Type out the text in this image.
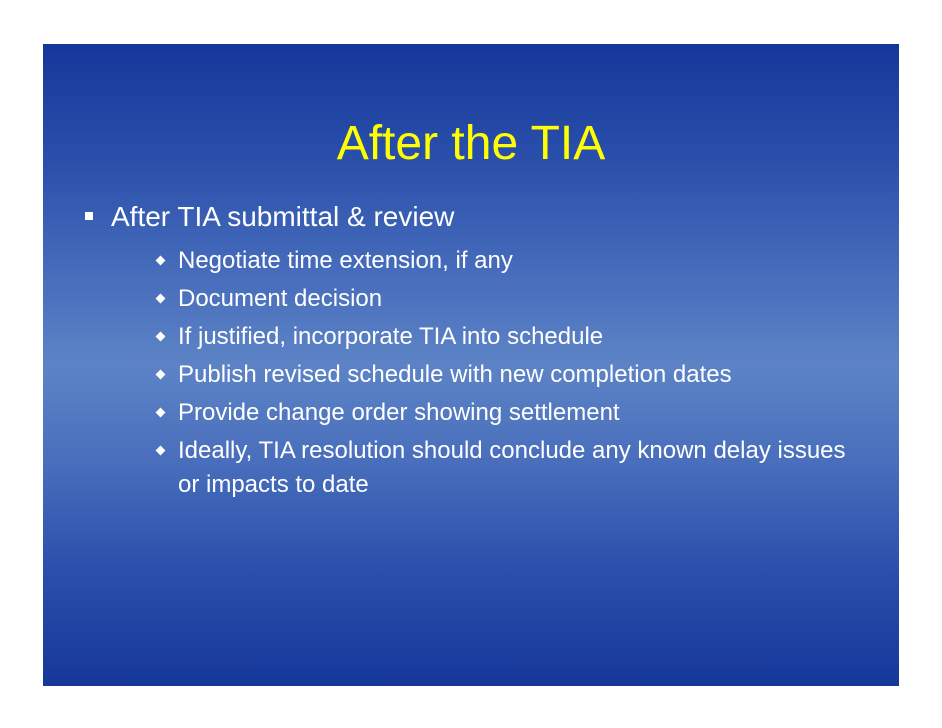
After the TIA
After TIA submittal & review
Negotiate time extension, if any
Document decision
If justified, incorporate TIA into schedule
Publish revised schedule with new completion dates
Provide change order showing settlement
Ideally, TIA resolution should conclude any known delay issues or impacts to date
